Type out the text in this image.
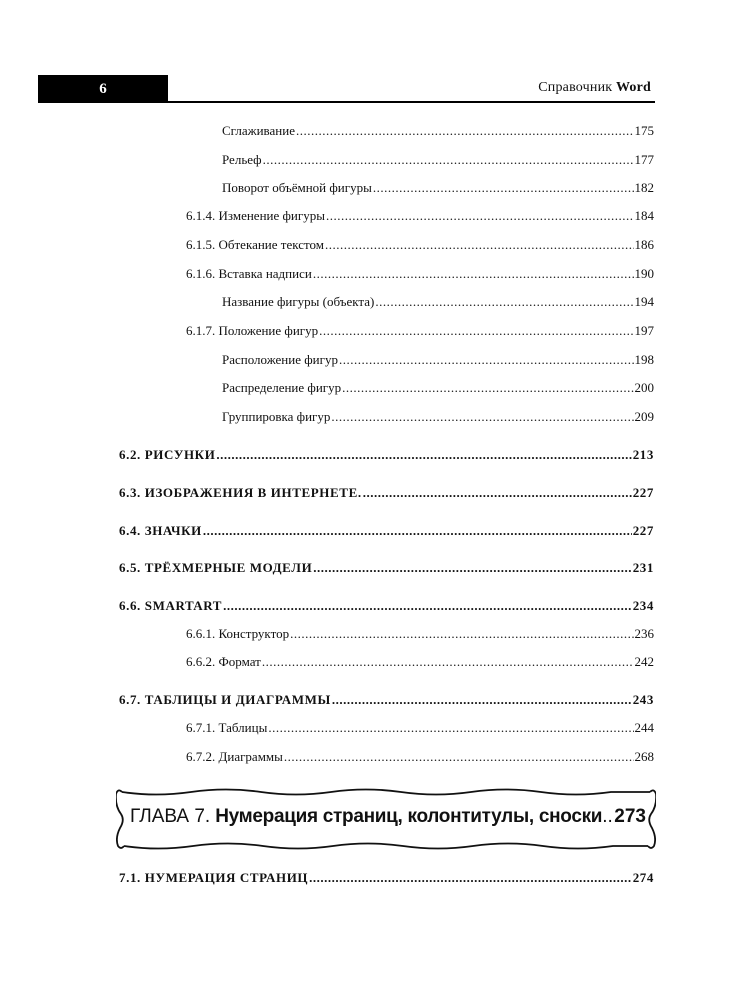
6	Справочник Word
Сглаживание .....	175
Рельеф .....	177
Поворот объёмной фигуры .....	182
6.1.4. Изменение фигуры .....	184
6.1.5. Обтекание текстом .....	186
6.1.6. Вставка надписи .....	190
Название фигуры (объекта) .....	194
6.1.7. Положение фигур .....	197
Расположение фигур .....	198
Распределение фигур .....	200
Группировка фигур .....	209
6.2. РИСУНКИ .....	213
6.3. ИЗОБРАЖЕНИЯ В ИНТЕРНЕТЕ. .....	227
6.4. ЗНАЧКИ .....	227
6.5. ТРЁХМЕРНЫЕ МОДЕЛИ .....	231
6.6. SMARTART .....	234
6.6.1. Конструктор .....	236
6.6.2. Формат .....	242
6.7. ТАБЛИЦЫ И ДИАГРАММЫ .....	243
6.7.1. Таблицы .....	244
6.7.2. Диаграммы .....	268
ГЛАВА 7. Нумерация страниц, колонтитулы, сноски ..... 273
7.1. НУМЕРАЦИЯ СТРАНИЦ .....	274
